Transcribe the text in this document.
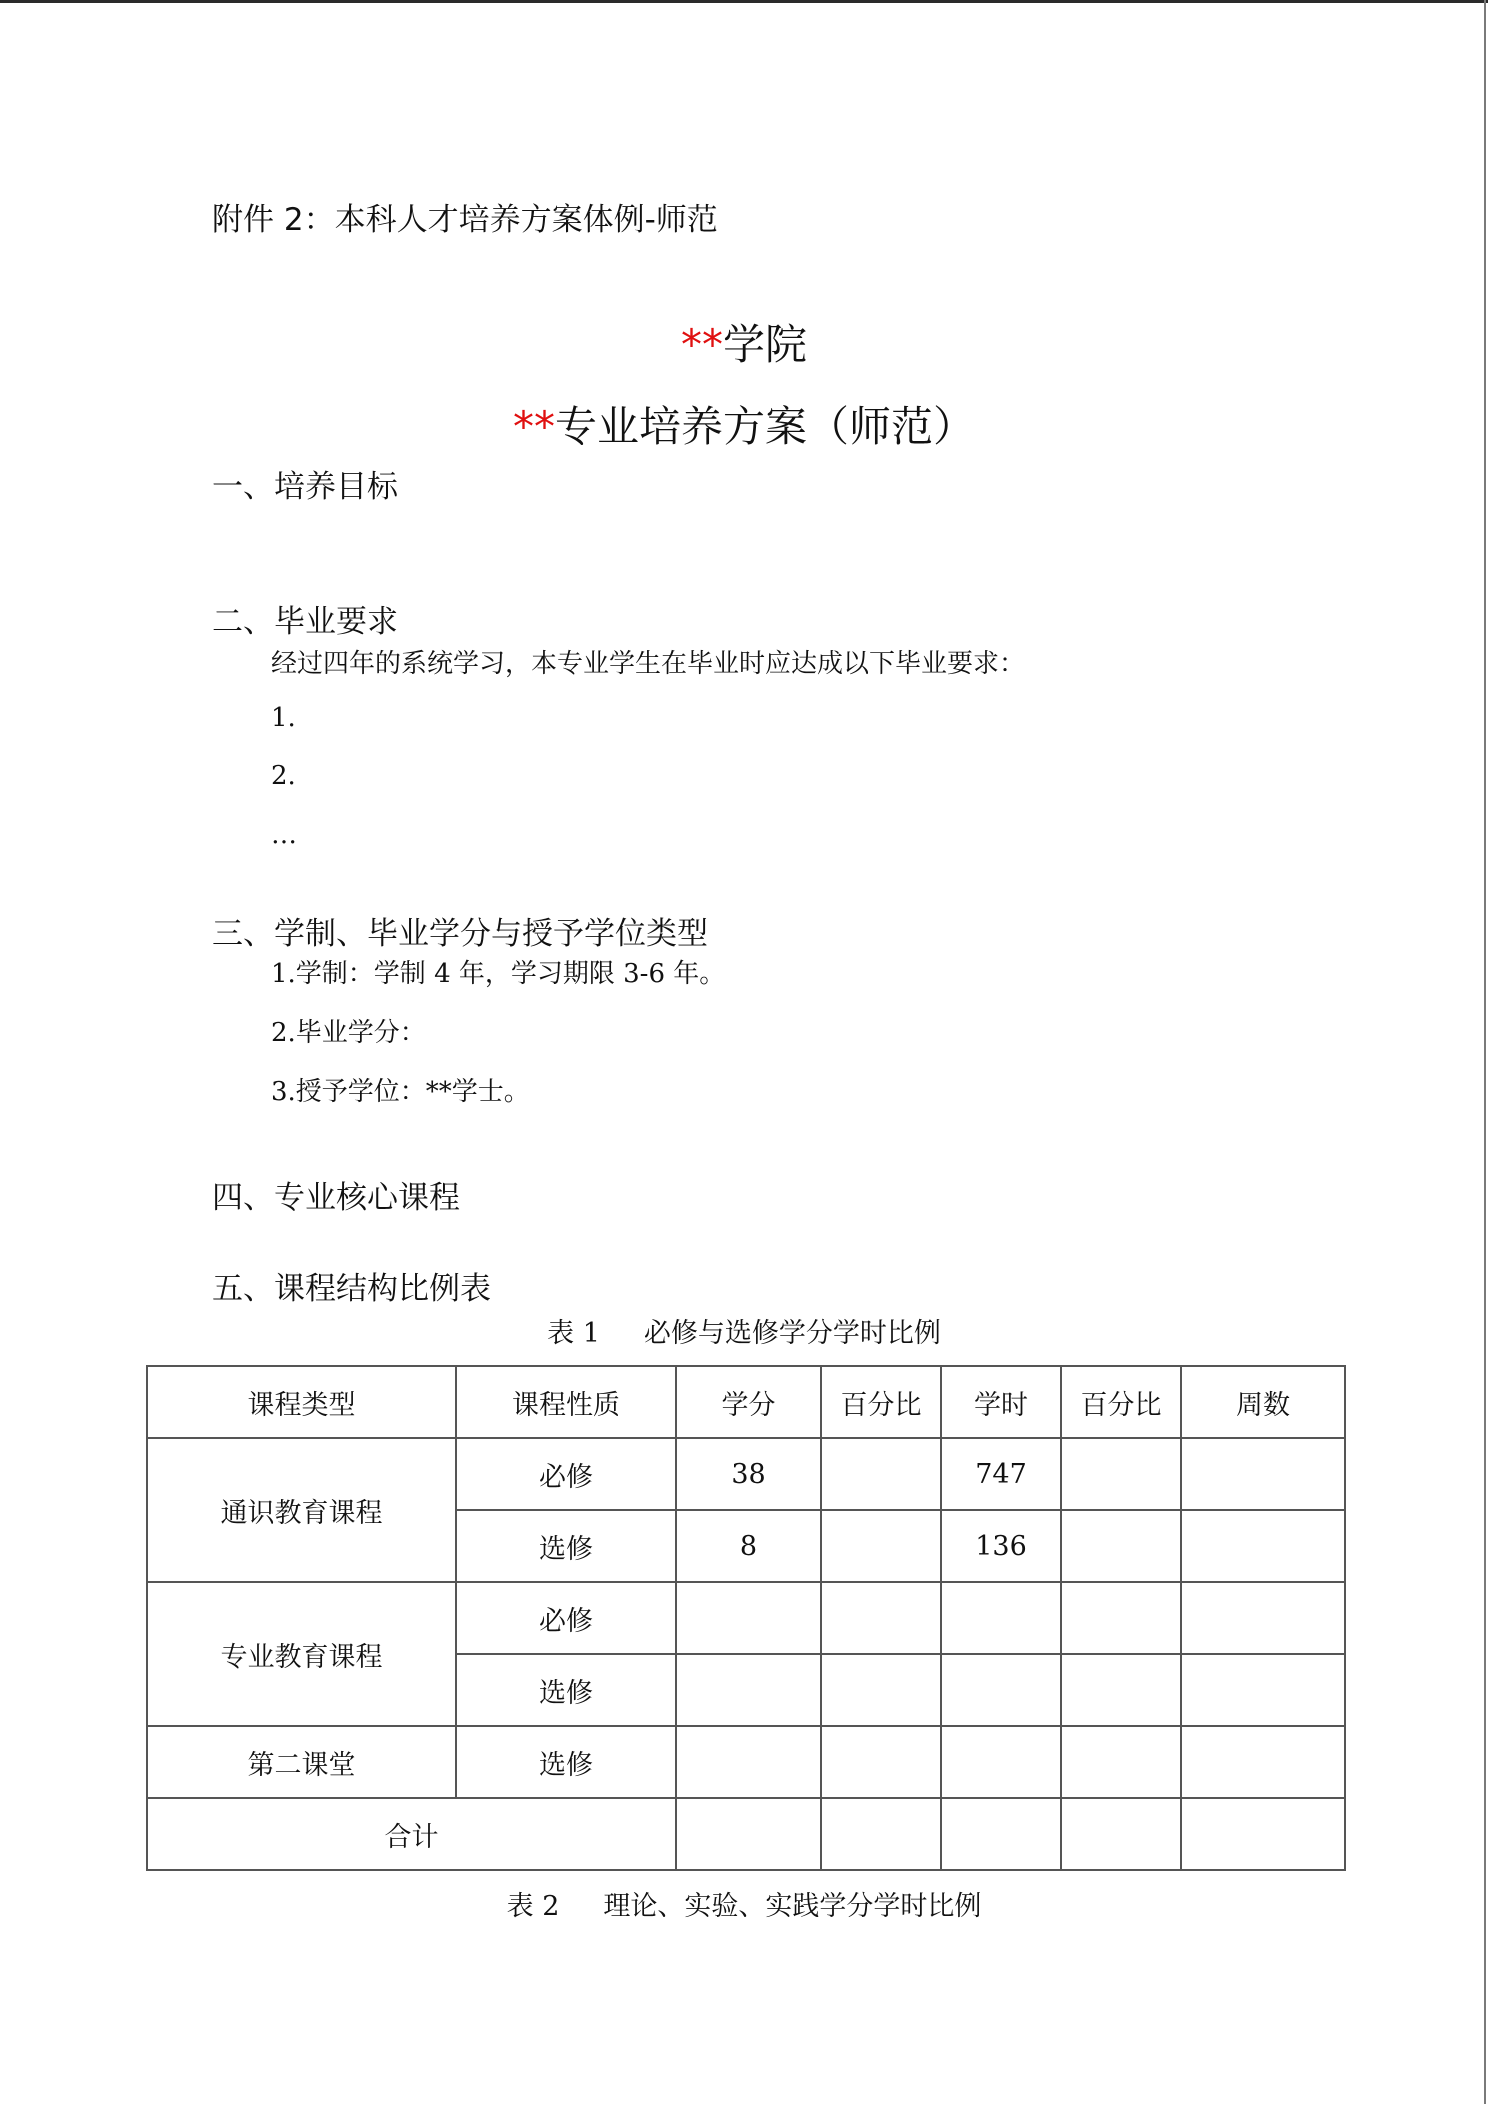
附件 2：本科人才培养方案体例-师范
**学院
**专业培养方案（师范）
一、培养目标
二、毕业要求
经过四年的系统学习，本专业学生在毕业时应达成以下毕业要求：
1.
2.
…
三、学制、毕业学分与授予学位类型
1.学制：学制 4 年，学习期限 3-6 年。
2.毕业学分：
3.授予学位：**学士。
四、专业核心课程
五、课程结构比例表
表 1 必修与选修学分学时比例
课程类型	课程性质	学分	百分比	学时	百分比	周数
通识教育课程	必修	38		747		
	选修	8		136		
专业教育课程	必修					
	选修					
第二课堂	选修					
合计						
表 2 理论、实验、实践学分学时比例
